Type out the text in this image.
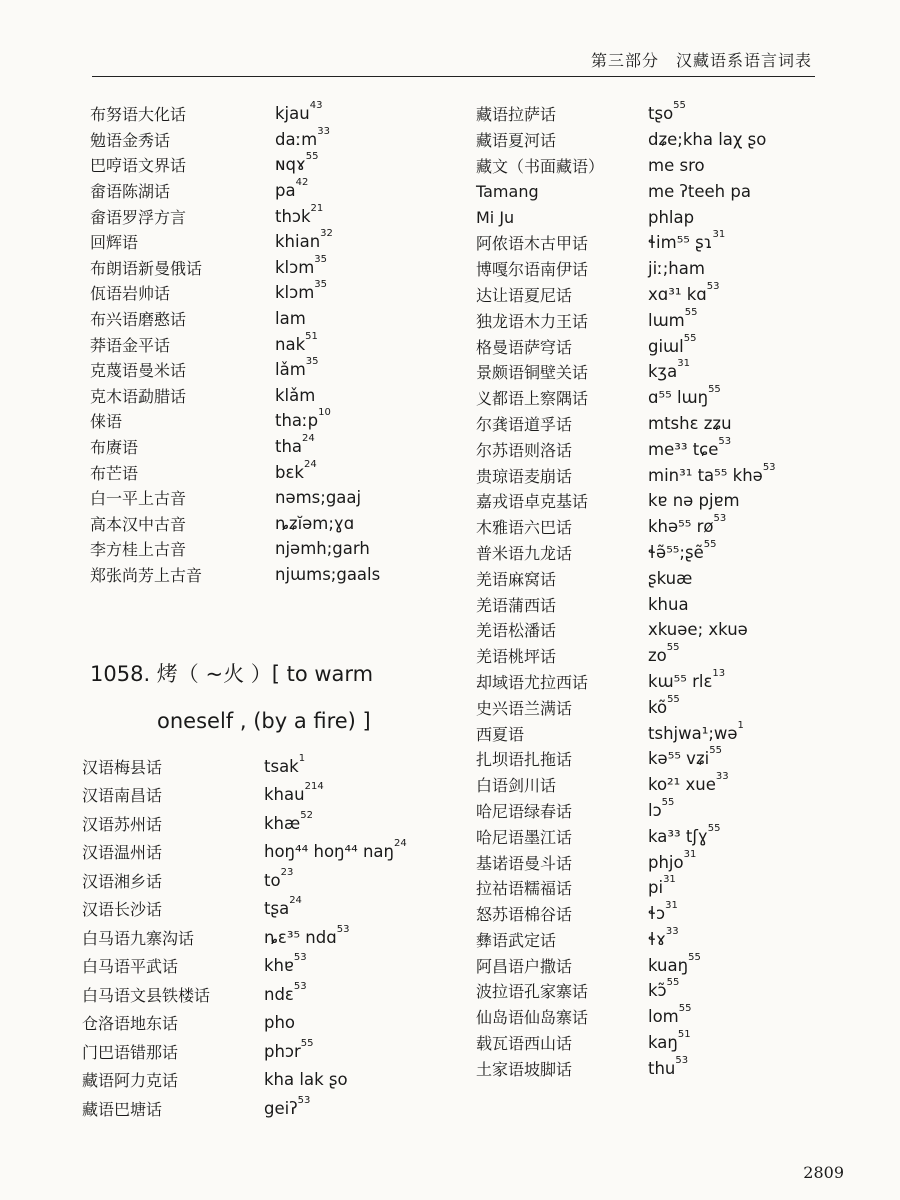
第三部分　汉藏语系语言词表
布努语大化话	kjau$^{43}$
勉语金秀话	daːm$^{33}$
巴哼语文界话	ɴqɤ$^{55}$
畲语陈湖话	$pa^{42}$
畲语罗浮方言	thɔk$^{21}$
回辉语	khian$^{32}$
布朗语新曼俄话	klɔm$^{35}$
佤语岩帅话	klɔm$^{35}$
布兴语磨憨话	lam
莽语金平话	nak$^{51}$
克蔑语曼米话	lǎm$^{35}$
克木语勐腊话	klǎm
俫语	thaːp$^{10}$
布赓语	tha$^{24}$
布芒语	bɛk$^{24}$
白一平上古音	nəms;gaaj
高本汉中古音	ȵʑĭəm;ɣɑ
李方桂上古音	njəmh;garh
郑张尚芳上古音	njɯms;gaals
1058. 烤（ ~火 ）[ to warm
oneself , (by a fire) ]
汉语梅县话	tsak$^1$
汉语南昌话	khau$^{214}$
汉语苏州话	khæ$^{52}$
汉语温州话	hoŋ⁴⁴ hoŋ⁴⁴ naŋ$^{24}$
汉语湘乡话	$to^{23}$
汉语长沙话	tʂa$^{24}$
白马语九寨沟话	ȵɛ³⁵ ndɑ$^{53}$
白马语平武话	khɐ$^{53}$
白马语文县铁楼话	ndɛ$^{53}$
仓洛语地东话	pho
门巴语错那话	phɔr$^{55}$
藏语阿力克话	kha lak ʂo
藏语巴塘话	geiʔ$^{53}$
藏语拉萨话	tʂo$^{55}$
藏语夏河话	dʑe;kha laχ ʂo
藏文（书面藏语）	me sro
Tamang	me ʔteeh pa
Mi Ju	phlap
阿侬语木古甲话	ɬim⁵⁵ ʂɿ$^{31}$
博嘎尔语南伊话	jiː;ham
达让语夏尼话	xɑ³¹ kɑ$^{53}$
独龙语木力王话	lɯm$^{55}$
格曼语萨穹话	giɯl$^{55}$
景颇语铜壁关话	kʒa$^{31}$
义都语上察隅话	ɑ⁵⁵ lɯŋ$^{55}$
尔龚语道孚话	mtshɛ zʑu
尔苏语则洛话	me³³ tɕe$^{53}$
贵琼语麦崩话	min³¹ ta⁵⁵ khə$^{53}$
嘉戎语卓克基话	kɐ nə pjɐm
木雅语六巴话	khə⁵⁵ $rø^{53}$
普米语九龙话	ɬə̃⁵⁵;ʂẽ$^{55}$
羌语麻窝话	ʂkuæ
羌语蒲西话	khua
羌语松潘话	xkuəe; xkuə
羌语桃坪话	$zo^{55}$
却域语尤拉西话	kɯ⁵⁵ rlɛ$^{13}$
史兴语兰满话	$kõ^{55}$
西夏语	tshjwa¹;wə$^1$
扎坝语扎拖话	kə⁵⁵ vʑi$^{55}$
白语剑川话	ko²¹ xue$^{33}$
哈尼语绿春话	lɔ$^{55}$
哈尼语墨江话	ka³³ tʃɣ$^{55}$
基诺语曼斗话	phjo$^{31}$
拉祜语糯福话	$pi^{31}$
怒苏语棉谷话	ɬɔ$^{31}$
彝语武定话	ɬɤ$^{33}$
阿昌语户撒话	kuaŋ$^{55}$
波拉语孔家寨话	kɔ̃$^{55}$
仙岛语仙岛寨话	lom$^{55}$
载瓦语西山话	kaŋ$^{51}$
土家语坡脚话	thu$^{53}$
2809
